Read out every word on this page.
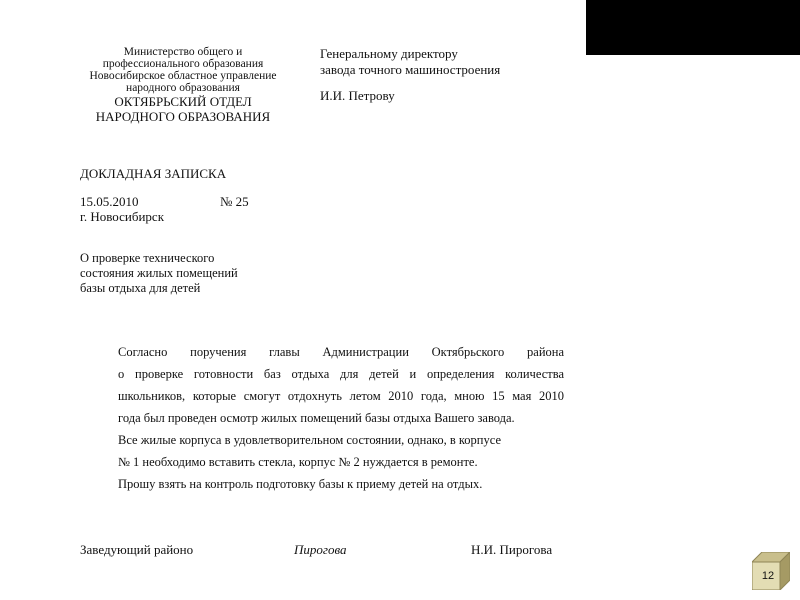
Министерство общего и
профессионального образования
Новосибирское областное управление
народного образования
ОКТЯБРЬСКИЙ ОТДЕЛ
НАРОДНОГО ОБРАЗОВАНИЯ
Генеральному директору
завода точного машиностроения
И.И. Петрову
ДОКЛАДНАЯ ЗАПИСКА
15.05.2010	№ 25
г. Новосибирск
О проверке технического
состояния жилых помещений
базы отдыха для детей
Согласно поручения главы Администрации Октябрьского района
о проверке готовности баз отдыха для детей и определения количества
школьников, которые смогут отдохнуть летом 2010 года, мною 15 мая 2010
года был проведен осмотр жилых помещений базы отдыха Вашего завода.
Все жилые корпуса в удовлетворительном состоянии, однако, в корпусе
№ 1 необходимо вставить стекла, корпус № 2 нуждается в ремонте.
Прошу взять на контроль подготовку базы к приему детей на отдых.
Заведующий районо	Пирогова	Н.И. Пирогова
12
